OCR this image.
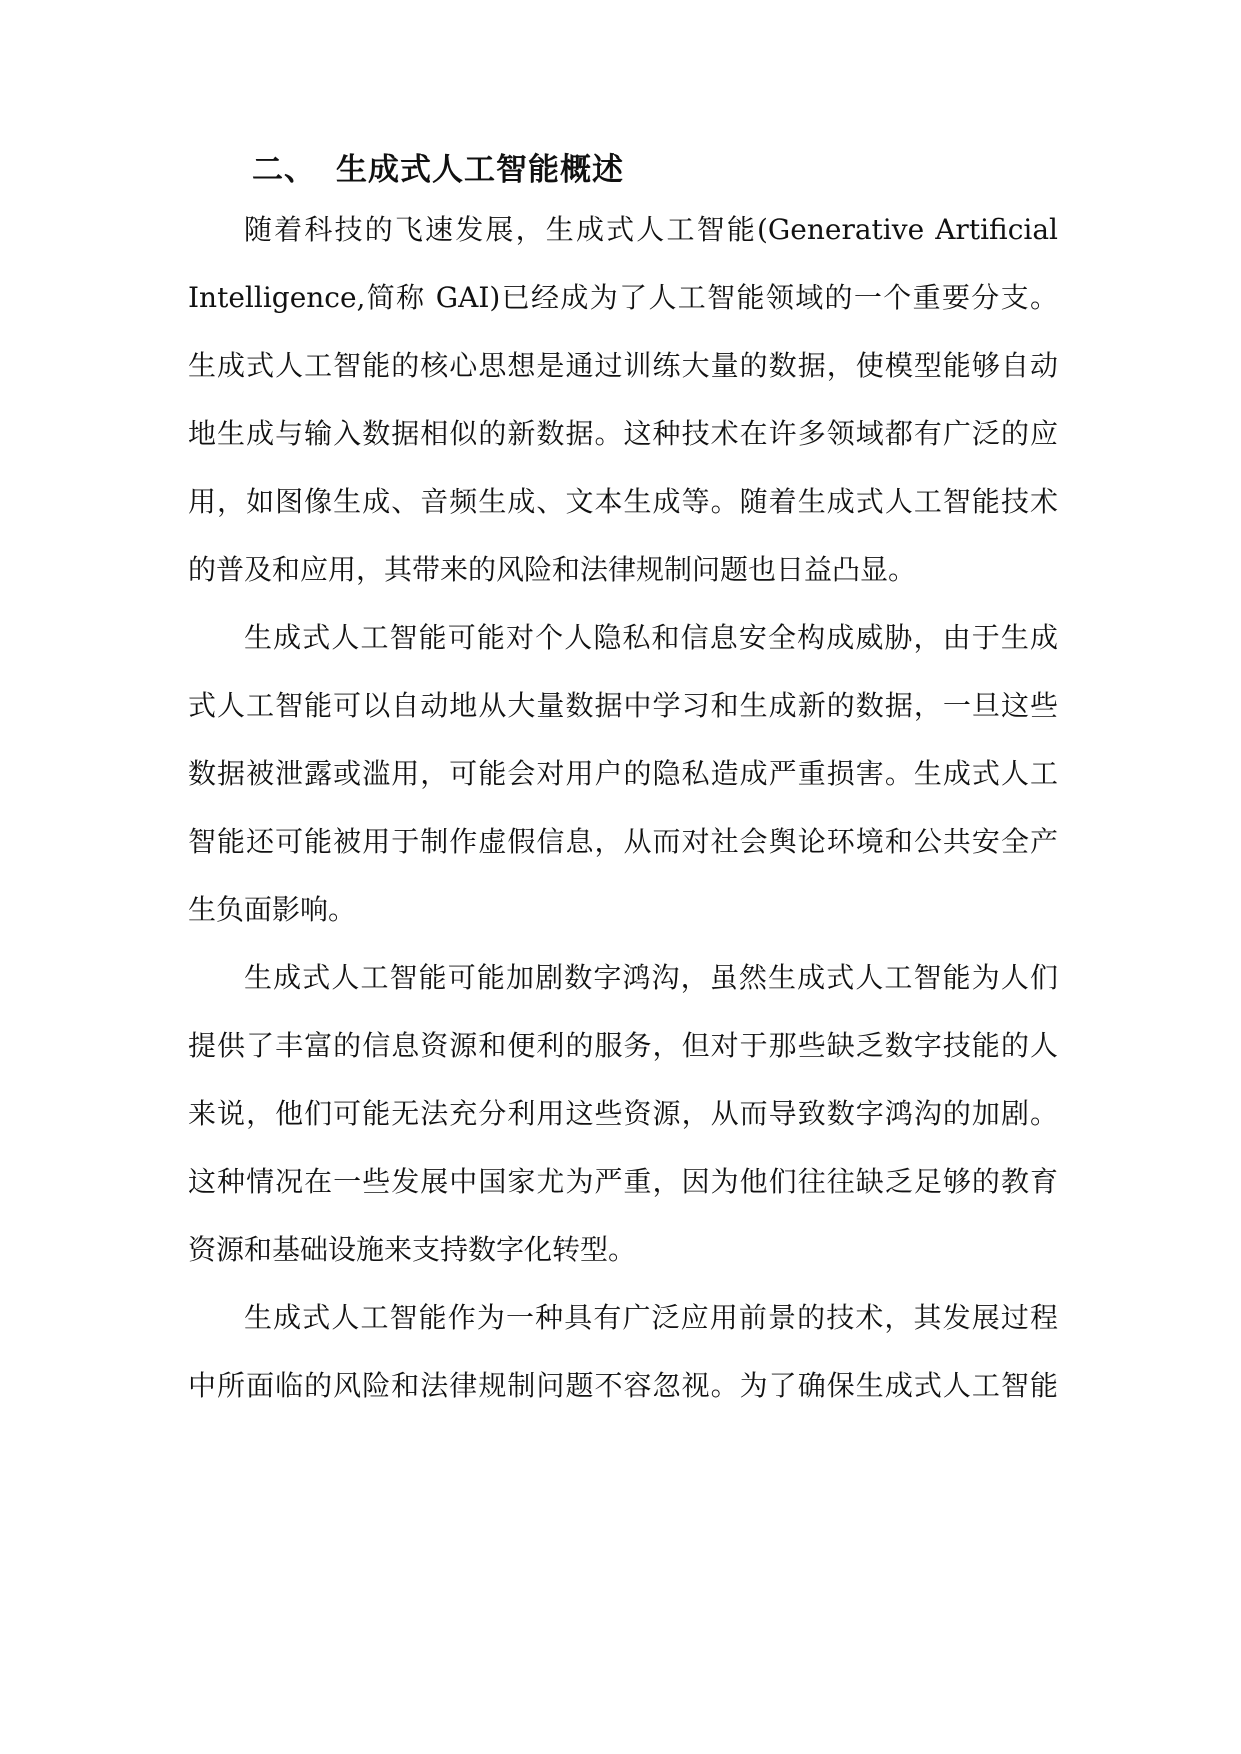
二、 生成式人工智能概述
随着科技的飞速发展，生成式人工智能(Generative Artificial
Intelligence,简称 GAI)已经成为了人工智能领域的一个重要分支。
生成式人工智能的核心思想是通过训练大量的数据，使模型能够自动
地生成与输入数据相似的新数据。这种技术在许多领域都有广泛的应
用，如图像生成、音频生成、文本生成等。随着生成式人工智能技术
的普及和应用，其带来的风险和法律规制问题也日益凸显。
生成式人工智能可能对个人隐私和信息安全构成威胁，由于生成
式人工智能可以自动地从大量数据中学习和生成新的数据，一旦这些
数据被泄露或滥用，可能会对用户的隐私造成严重损害。生成式人工
智能还可能被用于制作虚假信息，从而对社会舆论环境和公共安全产
生负面影响。
生成式人工智能可能加剧数字鸿沟，虽然生成式人工智能为人们
提供了丰富的信息资源和便利的服务，但对于那些缺乏数字技能的人
来说，他们可能无法充分利用这些资源，从而导致数字鸿沟的加剧。
这种情况在一些发展中国家尤为严重，因为他们往往缺乏足够的教育
资源和基础设施来支持数字化转型。
生成式人工智能作为一种具有广泛应用前景的技术，其发展过程
中所面临的风险和法律规制问题不容忽视。为了确保生成式人工智能
